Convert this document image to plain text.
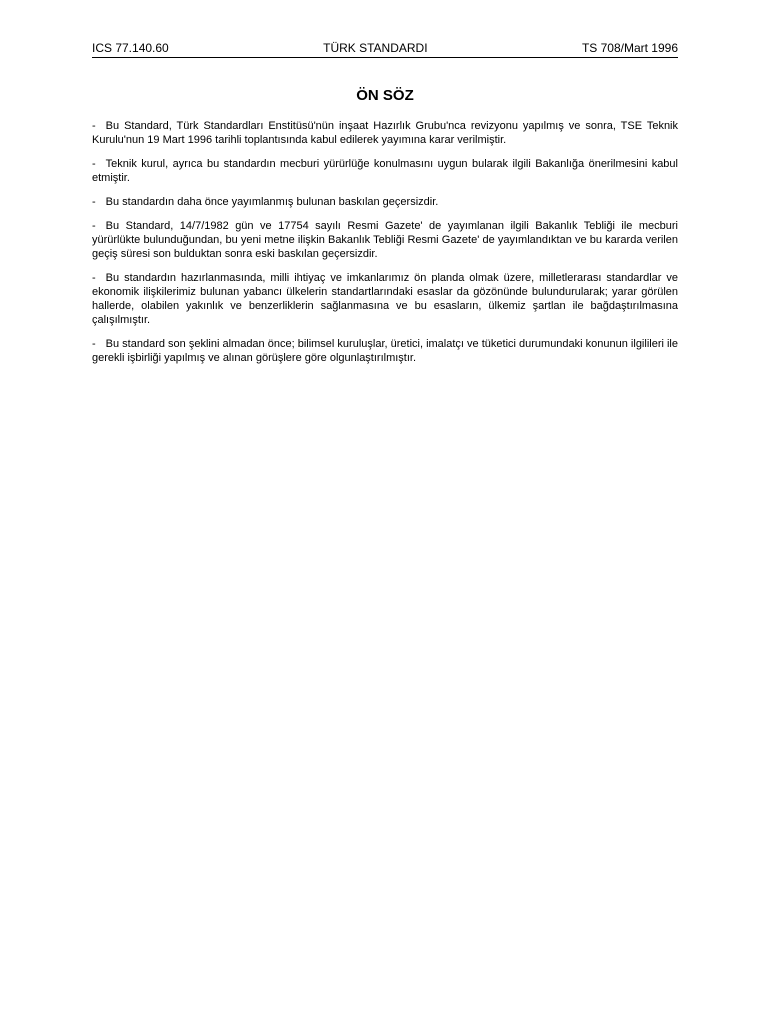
ICS 77.140.60	TÜRK STANDARDI	TS 708/Mart 1996
ÖN SÖZ

- Bu Standard, Türk Standardları Enstitüsü'nün inşaat Hazırlık Grubu'nca revizyonu yapılmış ve sonra, TSE Teknik Kurulu'nun 19 Mart 1996 tarihli toplantısında kabul edilerek yayımına karar verilmiştir.

- Teknik kurul, ayrıca bu standardın mecburi yürürlüğe konulmasını uygun bularak ilgili Bakanlığa önerilmesini kabul etmiştir.

- Bu standardın daha önce yayımlanmış bulunan baskılan geçersizdir.

- Bu Standard, 14/7/1982 gün ve 17754 sayılı Resmi Gazete' de yayımlanan ilgili Bakanlık Tebliği ile mecburi yürürlükte bulunduğundan, bu yeni metne ilişkin Bakanlık Tebliği Resmi Gazete' de yayımlandıktan ve bu kararda verilen geçiş süresi son bulduktan sonra eski baskılan geçersizdir.

- Bu standardın hazırlanmasında, milli ihtiyaç ve imkanlarımız ön planda olmak üzere, milletlerarası standardlar ve ekonomik ilişkilerimiz bulunan yabancı ülkelerin standartlarındaki esaslar da gözönünde bulundurularak; yarar görülen hallerde, olabilen yakınlık ve benzerliklerin sağlanmasına ve bu esasların, ülkemiz şartlan ile bağdaştırılmasına çalışılmıştır.

- Bu standard son şeklini almadan önce; bilimsel kuruluşlar, üretici, imalatçı ve tüketici durumundaki konunun ilgilileri ile gerekli işbirliği yapılmış ve alınan görüşlere göre olgunlaştırılmıştır.
